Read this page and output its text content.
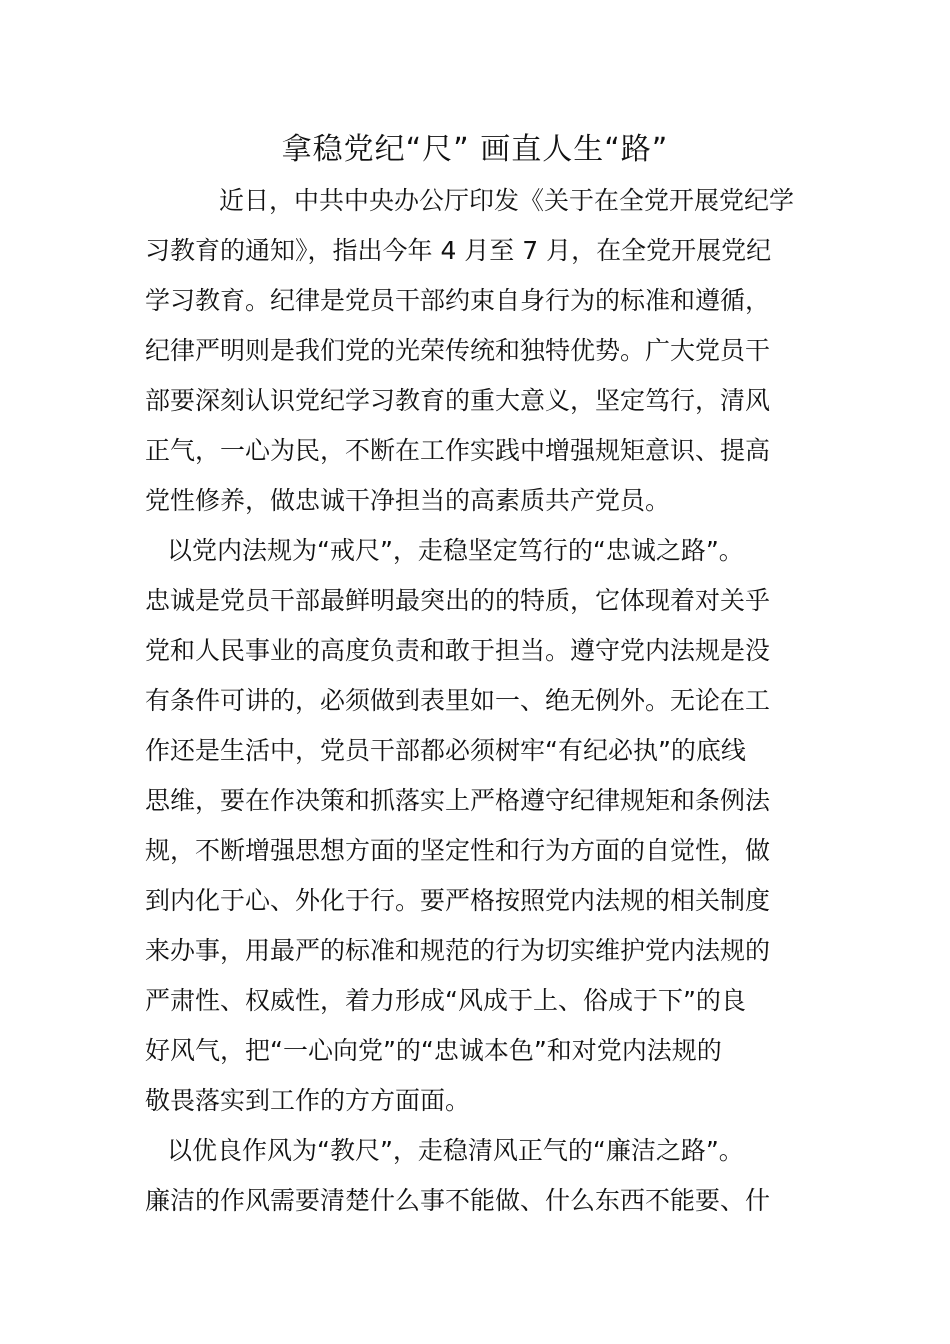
拿稳党纪“尺” 画直人生“路”
近日，中共中央办公厅印发《关于在全党开展党纪学
习教育的通知》，指出今年 4 月至 7 月，在全党开展党纪
学习教育。纪律是党员干部约束自身行为的标准和遵循，
纪律严明则是我们党的光荣传统和独特优势。广大党员干
部要深刻认识党纪学习教育的重大意义，坚定笃行，清风
正气，一心为民，不断在工作实践中增强规矩意识、提高
党性修养，做忠诚干净担当的高素质共产党员。
以党内法规为“戒尺”，走稳坚定笃行的“忠诚之路”。
忠诚是党员干部最鲜明最突出的的特质，它体现着对关乎
党和人民事业的高度负责和敢于担当。遵守党内法规是没
有条件可讲的，必须做到表里如一、绝无例外。无论在工
作还是生活中，党员干部都必须树牢“有纪必执”的底线
思维，要在作决策和抓落实上严格遵守纪律规矩和条例法
规，不断增强思想方面的坚定性和行为方面的自觉性，做
到内化于心、外化于行。要严格按照党内法规的相关制度
来办事，用最严的标准和规范的行为切实维护党内法规的
严肃性、权威性，着力形成“风成于上、俗成于下”的良
好风气，把“一心向党”的“忠诚本色”和对党内法规的
敬畏落实到工作的方方面面。
以优良作风为“教尺”，走稳清风正气的“廉洁之路”。
廉洁的作风需要清楚什么事不能做、什么东西不能要、什
